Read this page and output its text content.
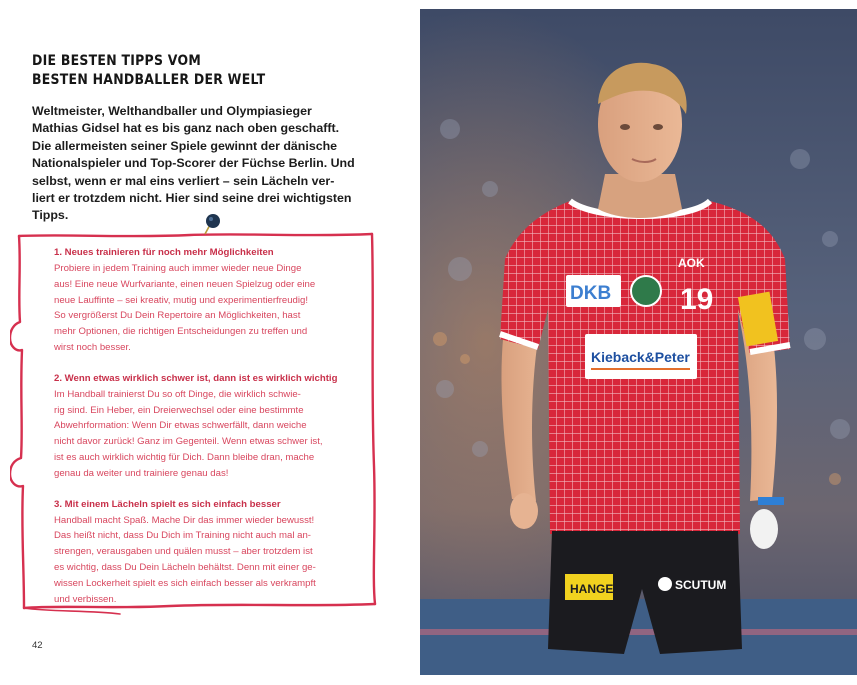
DIE BESTEN TIPPS VOM
BESTEN HANDBALLER DER WELT

Weltmeister, Welthandballer und Olympiasieger
Mathias Gidsel hat es bis ganz nach oben geschafft.
Die allermeisten seiner Spiele gewinnt der dänische
Nationalspieler und Top-Scorer der Füchse Berlin. Und
selbst, wenn er mal eins verliert – sein Lächeln ver-
liert er trotzdem nicht. Hier sind seine drei wichtigsten
Tipps.

1. Neues trainieren für noch mehr Möglichkeiten
Probiere in jedem Training auch immer wieder neue Dinge
aus! Eine neue Wurfvariante, einen neuen Spielzug oder eine
neue Lauffinte – sei kreativ, mutig und experimentierfreudig!
So vergrößerst Du Dein Repertoire an Möglichkeiten, hast
mehr Optionen, die richtigen Entscheidungen zu treffen und
wirst noch besser.
2. Wenn etwas wirklich schwer ist, dann ist es wirklich wichtig
Im Handball trainierst Du so oft Dinge, die wirklich schwie-
rig sind. Ein Heber, ein Dreierwechsel oder eine bestimmte
Abwehrformation: Wenn Dir etwas schwerfällt, dann weiche
nicht davor zurück! Ganz im Gegenteil. Wenn etwas schwer ist,
ist es auch wirklich wichtig für Dich. Dann bleibe dran, mache
genau da weiter und trainiere genau das!
3. Mit einem Lächeln spielt es sich einfach besser
Handball macht Spaß. Mache Dir das immer wieder bewusst!
Das heißt nicht, dass Du Dich im Training nicht auch mal an-
strengen, verausgaben und quälen musst – aber trotzdem ist
es wichtig, dass Du Dein Lächeln behältst. Denn mit einer ge-
wissen Lockerheit spielt es sich einfach besser als verkrampft
und verbissen.
42
HANGE	SCUTUM
DKB 19
AOK
Kieback&Peter
